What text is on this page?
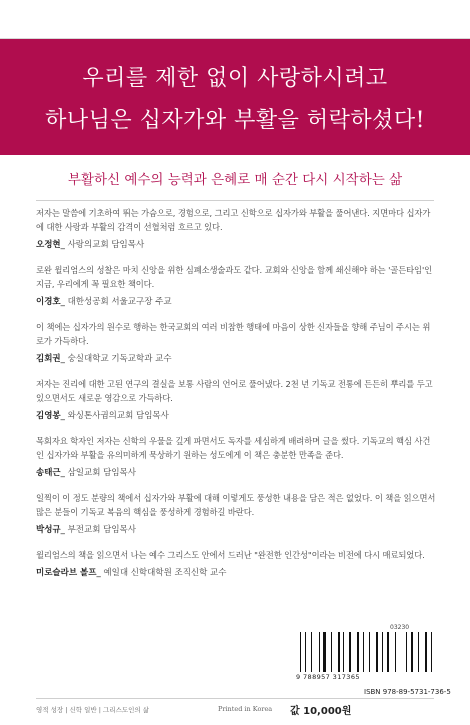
우리를 제한 없이 사랑하시려고
하나님은 십자가와 부활을 허락하셨다!
부활하신 예수의 능력과 은혜로 매 순간 다시 시작하는 삶

저자는 말씀에 기초하여 뛰는 가슴으로, 경험으로, 그리고 신학으로 십자가와 부활을 풀어낸다. 지면마다 십자가에 대한 사랑과 부활의 감격이 선혈처럼 흐르고 있다.

오정현_ 사랑의교회 담임목사

로완 윌리엄스의 성찰은 마치 신앙을 위한 심폐소생술과도 같다. 교회와 신앙을 함께 쇄신해야 하는 '골든타임'인 지금, 우리에게 꼭 필요한 책이다.

이경호_ 대한성공회 서울교구장 주교

이 책에는 십자가의 원수로 행하는 한국교회의 여러 비참한 행태에 마음이 상한 신자들을 향해 주님이 주시는 위로가 가득하다.

김회권_ 숭실대학교 기독교학과 교수

저자는 진리에 대한 고된 연구의 결실을 보통 사람의 언어로 풀어냈다. 2천 년 기독교 전통에 든든히 뿌리를 두고 있으면서도 새로운 영감으로 가득하다.

김영봉_ 와싱톤사귐의교회 담임목사

목회자요 학자인 저자는 신학의 우물을 깊게 파면서도 독자를 세심하게 배려하며 글을 썼다. 기독교의 핵심 사건인 십자가와 부활을 유의미하게 묵상하기 원하는 성도에게 이 책은 충분한 만족을 준다.

송태근_ 삼일교회 담임목사

일찍이 이 정도 분량의 책에서 십자가와 부활에 대해 이렇게도 풍성한 내용을 담은 적은 없었다. 이 책을 읽으면서 많은 분들이 기독교 복음의 핵심을 풍성하게 경험하길 바란다.

박성규_ 부전교회 담임목사

윌리엄스의 책을 읽으면서 나는 예수 그리스도 안에서 드러난 "완전한 인간성"이라는 비전에 다시 매료되었다.

미로슬라브 볼프_ 예일대 신학대학원 조직신학 교수
03230
9 788957 317365
ISBN 978-89-5731-736-5
영적 성장 | 신학 일반 | 그리스도인의 삶	Printed in Korea 값 10,000원
